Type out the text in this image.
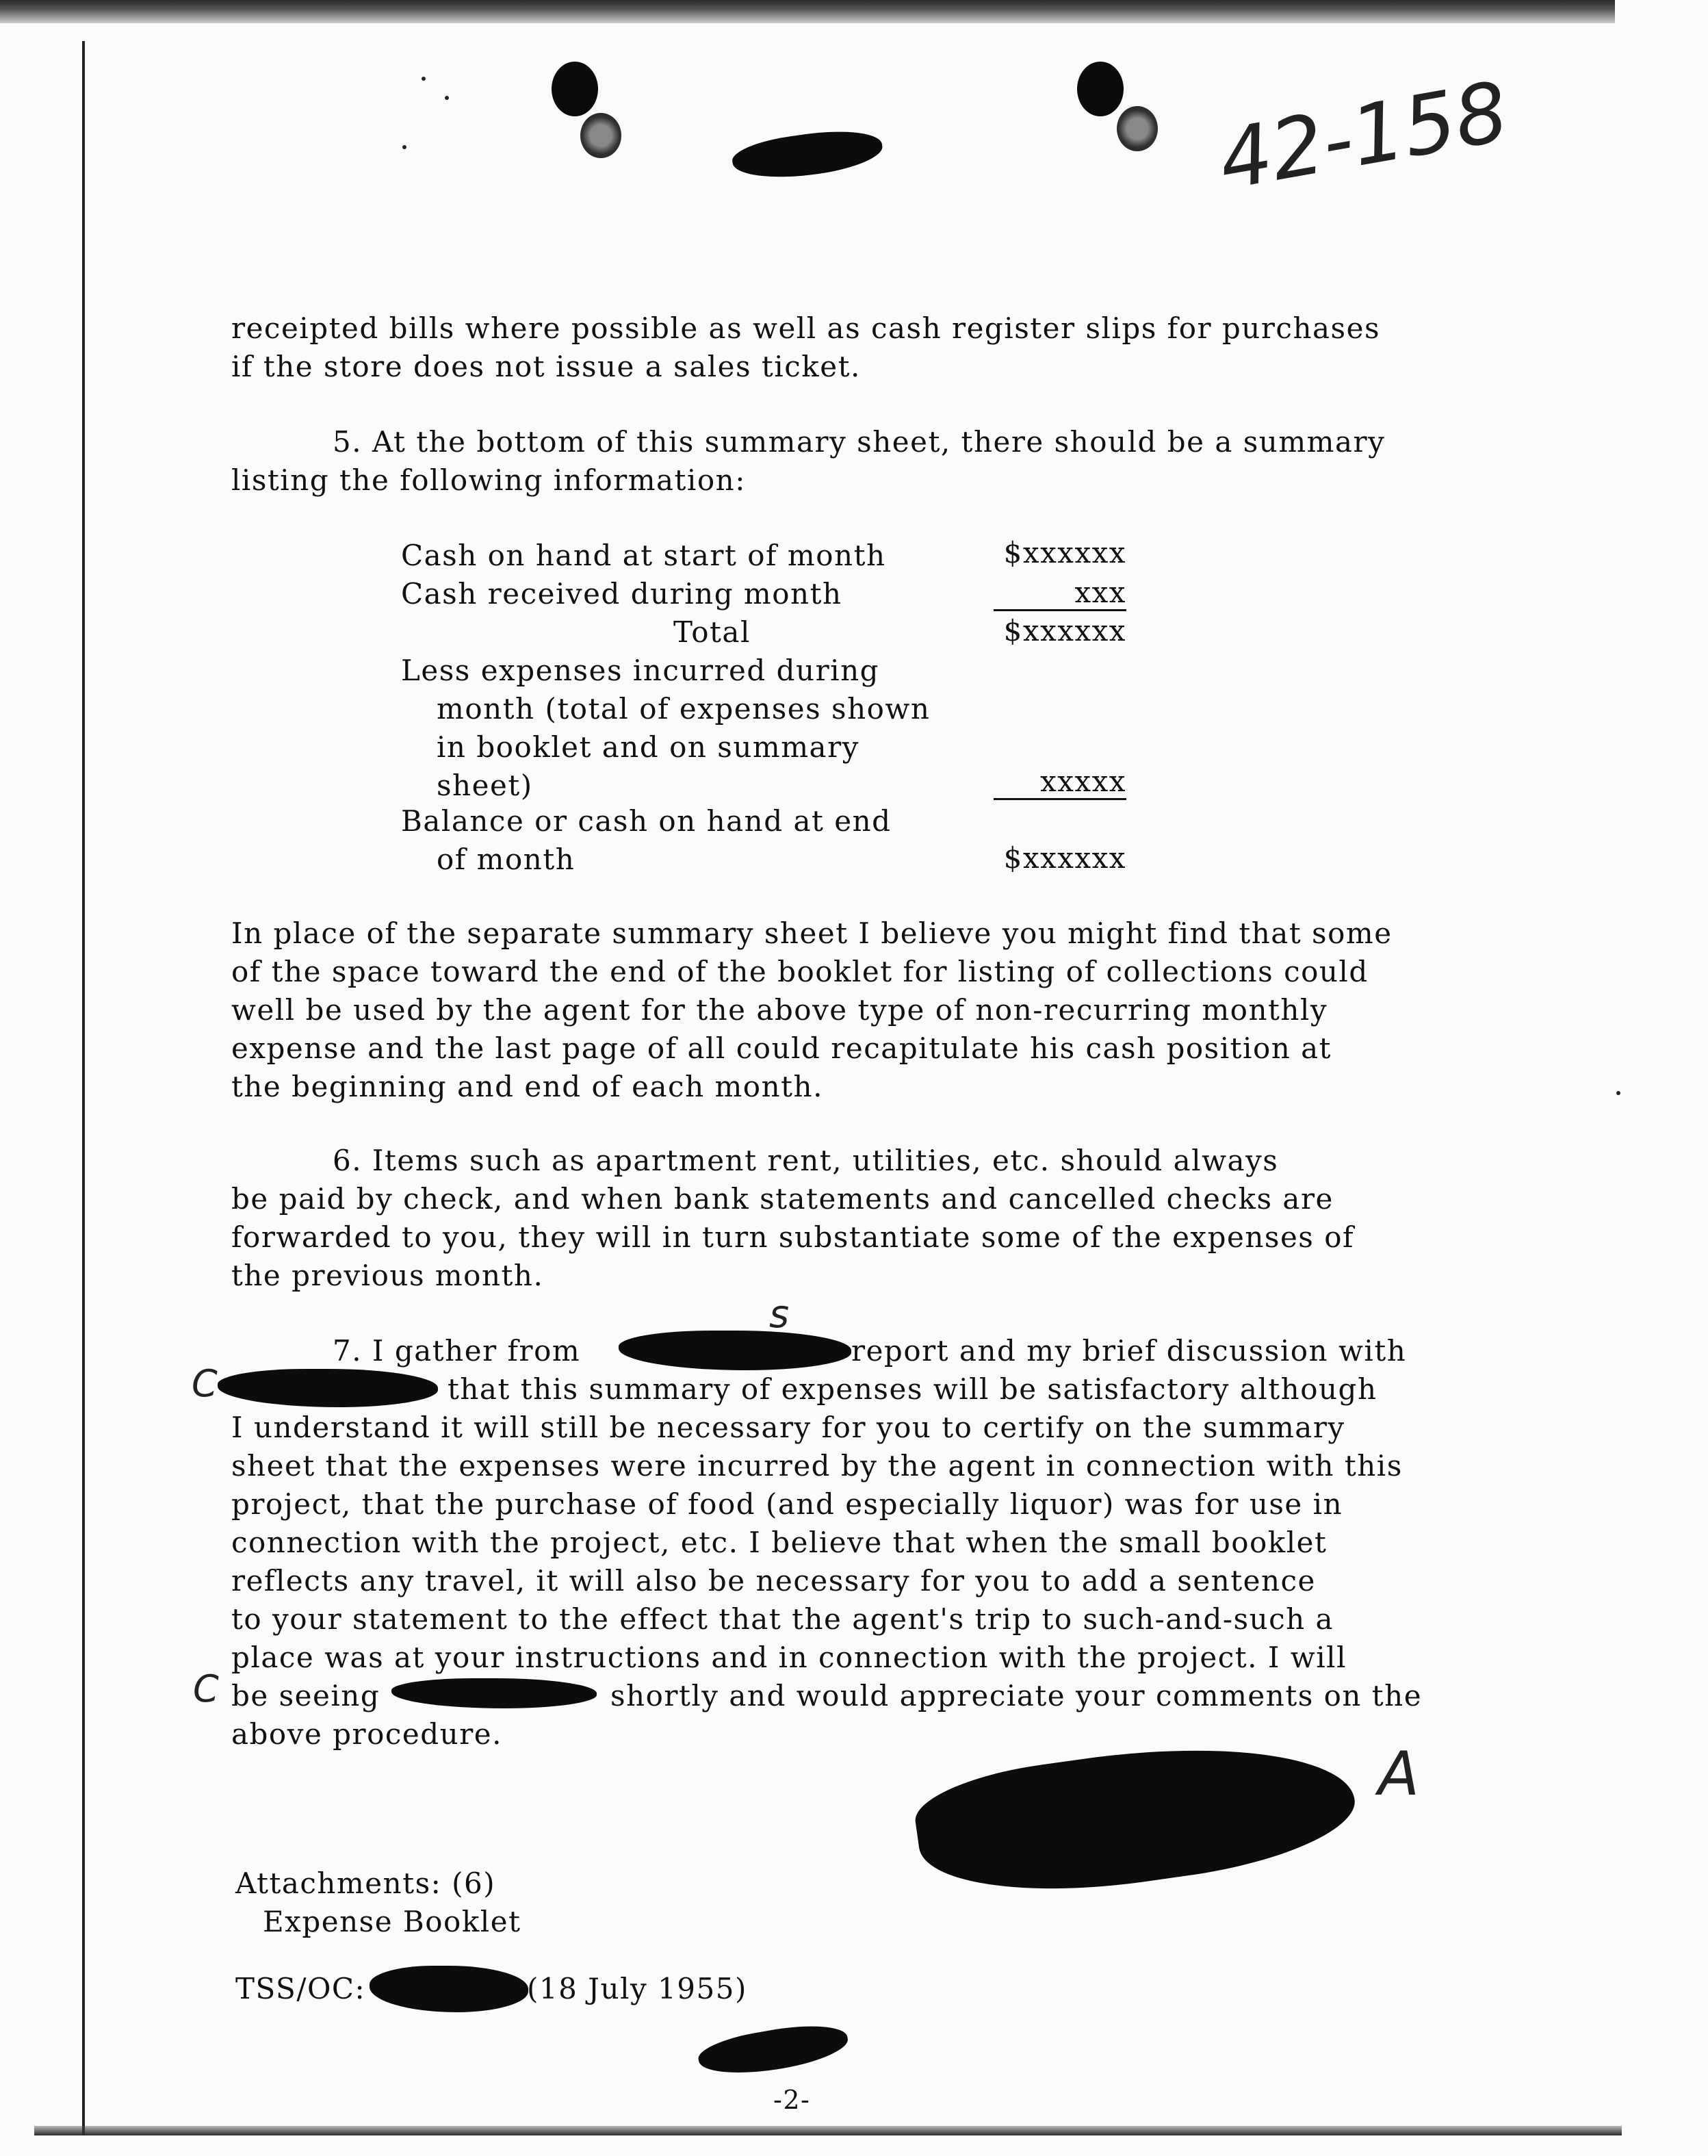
42-158

receipted bills where possible as well as cash register slips for purchases

if the store does not issue a sales ticket.

5. At the bottom of this summary sheet, there should be a summary

listing the following information:

Cash on hand at start of month	$xxxxxx
Cash received during month	xxx
Total	$xxxxxx
Less expenses incurred during
month (total of expenses shown
in booklet and on summary
sheet)	xxxxx
Balance or cash on hand at end
of month	$xxxxxx

In place of the separate summary sheet I believe you might find that some

of the space toward the end of the booklet for listing of collections could

well be used by the agent for the above type of non-recurring monthly

expense and the last page of all could recapitulate his cash position at

the beginning and end of each month.

6. Items such as apartment rent, utilities, etc. should always

be paid by check, and when bank statements and cancelled checks are

forwarded to you, they will in turn substantiate some of the expenses of

the previous month.

7. I gather from

s

report and my brief discussion with

C	that this summary of expenses will be satisfactory although

I understand it will still be necessary for you to certify on the summary

sheet that the expenses were incurred by the agent in connection with this

project, that the purchase of food (and especially liquor) was for use in

connection with the project, etc. I believe that when the small booklet

reflects any travel, it will also be necessary for you to add a sentence

to your statement to the effect that the agent's trip to such-and-such a

place was at your instructions and in connection with the project. I will

C be seeing	shortly and would appreciate your comments on the

above procedure.

A

Attachments: (6)

Expense Booklet

TSS/OC:	(18 July 1955)

-2-
